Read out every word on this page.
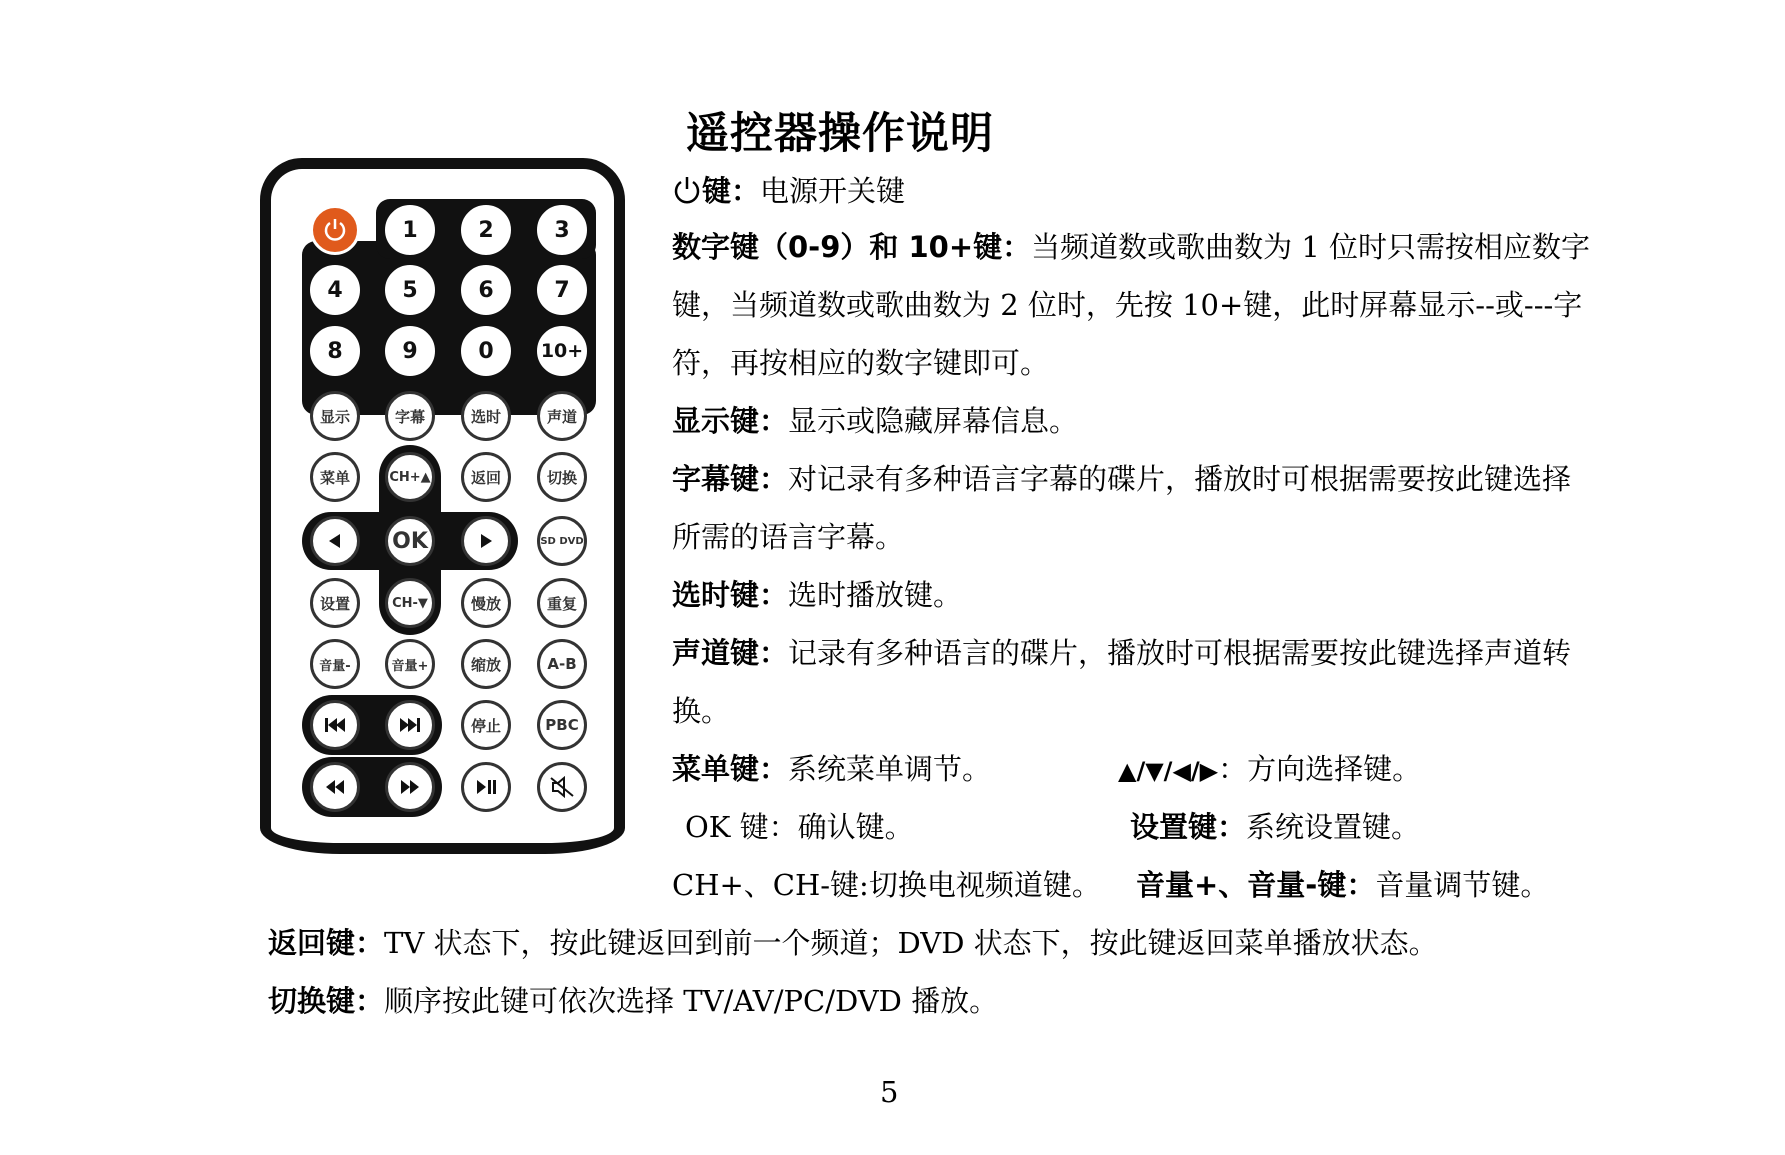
遥控器操作说明
1	2	3
4	5	6	7
8	9	0	10+
显示	字幕	选时	声道
菜单	CH+▲	返回	切换
OK	SD DVD
设置	CH-▼	慢放	重复
音量-	音量+	缩放	A-B
停止	PBC
键：电源开关键
数字键（0-9）和 10+键：当频道数或歌曲数为 1 位时只需按相应数字键，当频道数或歌曲数为 2 位时，先按 10+键，此时屏幕显示--或---字符，再按相应的数字键即可。
显示键：显示或隐藏屏幕信息。
字幕键：对记录有多种语言字幕的碟片，播放时可根据需要按此键选择所需的语言字幕。
选时键：选时播放键。
声道键：记录有多种语言的碟片，播放时可根据需要按此键选择声道转换。
菜单键：系统菜单调节。	▲/▼/◀/▶：方向选择键。
OK 键：确认键。	设置键：系统设置键。
CH+、CH-键:切换电视频道键。 音量+、音量-键：音量调节键。
返回键：TV 状态下，按此键返回到前一个频道；DVD 状态下，按此键返回菜单播放状态。
切换键：顺序按此键可依次选择 TV/AV/PC/DVD 播放。
5
